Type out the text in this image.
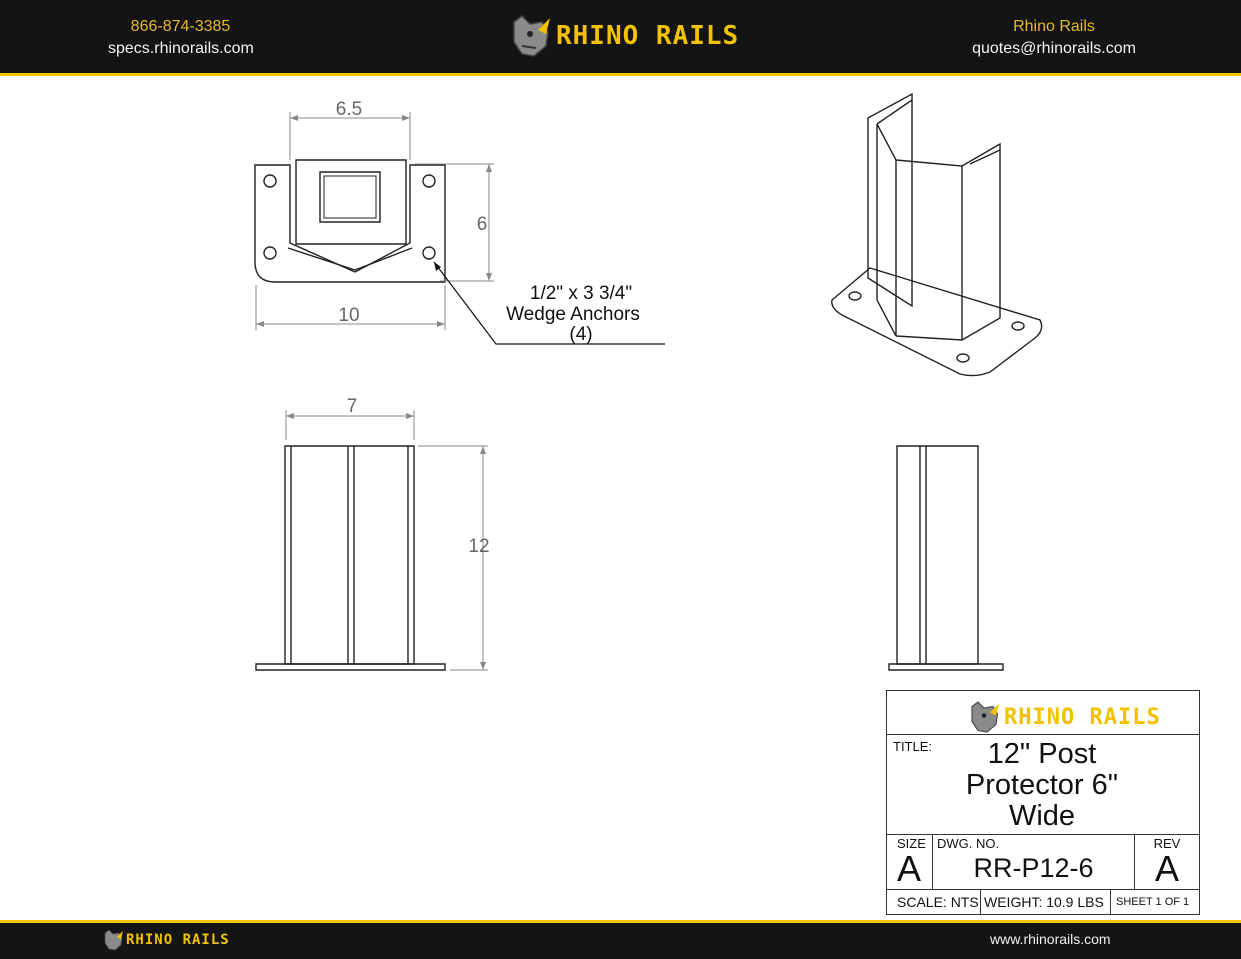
866-874-3385
specs.rhinorails.com	RHINO RAILS	Rhino Rails
quotes@rhinorails.com
6.5
6
10
1/2" x 3 3/4"
Wedge Anchors
(4)
7
12
RHINO RAILS
TITLE:	12" Post Protector 6" Wide
SIZE
A
DWG. NO.
RR-P12-6
REV
A
SCALE: NTS WEIGHT: 10.9 LBS	SHEET 1 OF 1
RHINO RAILS	www.rhinorails.com
